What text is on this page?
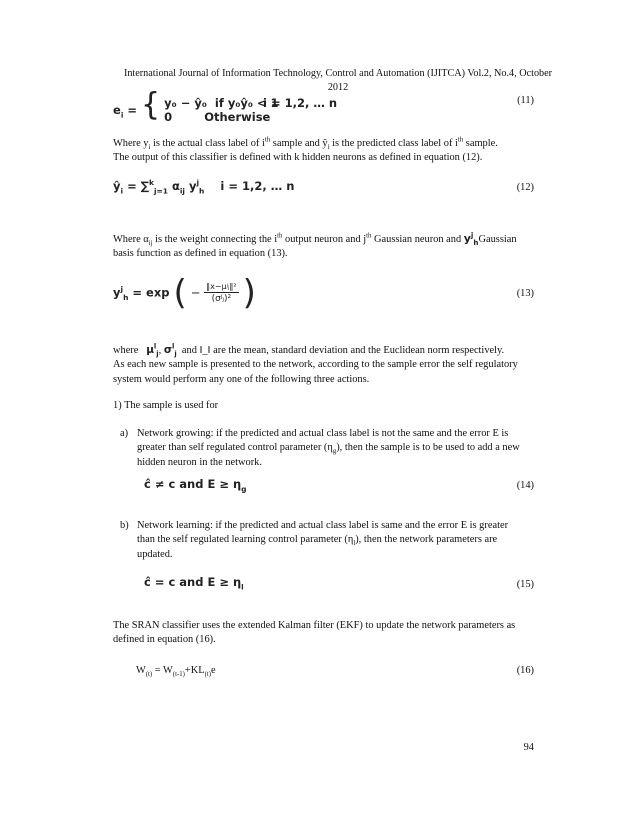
International Journal of Information Technology, Control and Automation (IJITCA) Vol.2, No.4, October 2012
$e_i$ = { y₀ − ŷ₀ if y₀ŷ₀ < 1
0	Otherwise
i = 1,2, … n	(11)
Where $y_i$ is the actual class label of $i^{th}$ sample and $ŷ_i$ is the predicted class label of $i^{th}$ sample.
The output of this classifier is defined with k hidden neurons as defined in equation (12).
$ŷ_i = \sum^k_{j=1}$ $\alpha_{ij}$ $y^j_h$ i = 1,2, … n	(12)
Where $\alpha_{ij}$ is the weight connecting the $i^{th}$ output neuron and $j^{th}$ Gaussian neuron and $y^j_hGaussian$
basis function as defined in equation (13).
$y^j_h = \exp$ ( − $\frac{\text{‖x−μʲⱼ‖²}}{\text{(σʲⱼ)²}}$ )	(13)
where $\mu^l_j$, $\sigma^l_j$  and ‖_‖ are the mean, standard deviation and the Euclidean norm respectively.
As each new sample is presented to the network, according to the sample error the self regulatory
system would perform any one of the following three actions.
1) The sample is used for
a) Network growing: if the predicted and actual class label is not the same and the error E is
greater than self regulated control parameter $(\eta_g)$, then the sample is to be used to add a new
hidden neuron in the network.
ĉ ≠ c and $E \ge \eta_g$	(14)
b) Network learning: if the predicted and actual class label is same and the error E is greater
than the self regulated learning control parameter $(\eta_l)$, then the network parameters are
updated.
ĉ = c and $E \ge \eta_l$	(15)
The SRAN classifier uses the extended Kalman filter (EKF) to update the network parameters as
defined in equation (16).
$W_{(t)} = W_{(t-1)}+KL_{(t)}e$	(16)
94
